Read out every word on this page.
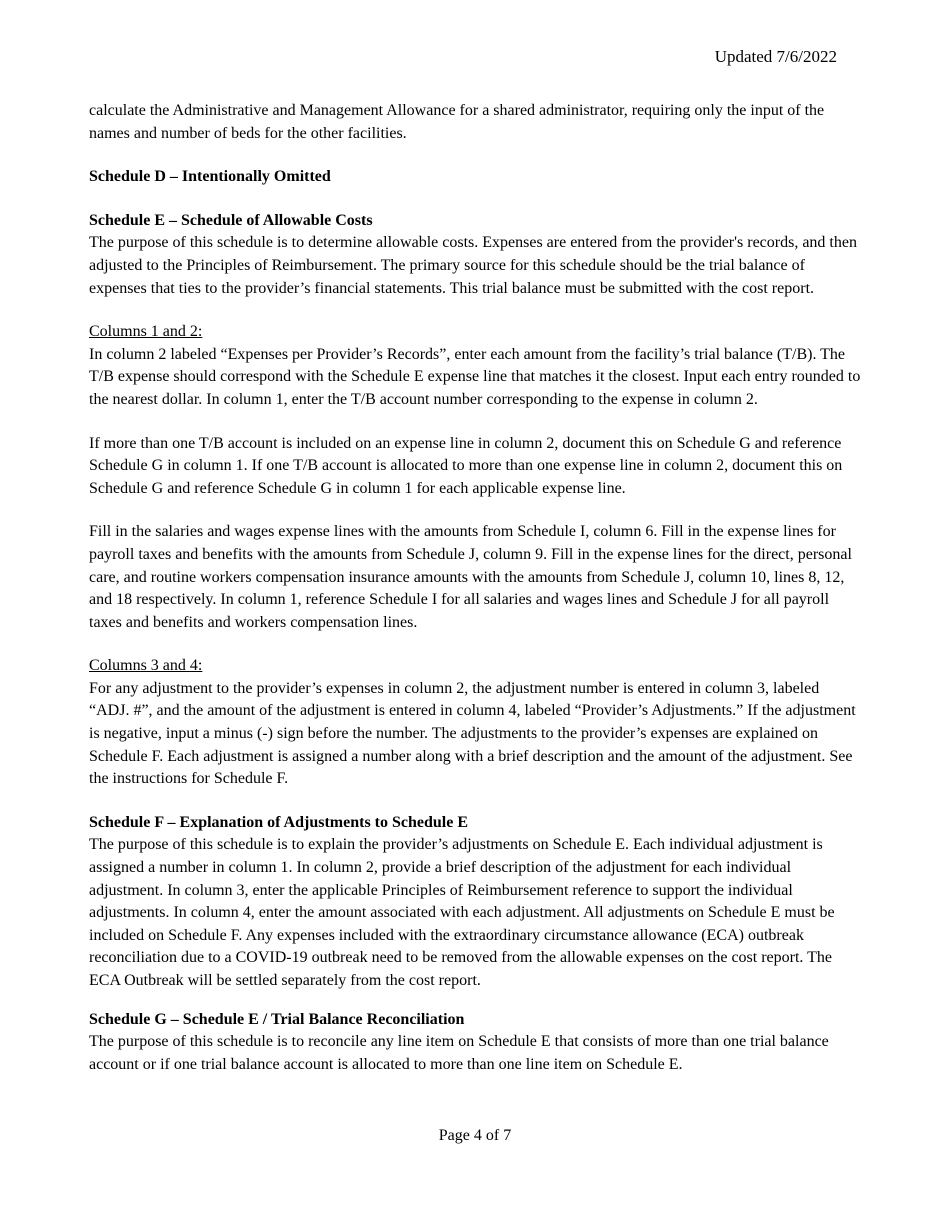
Updated 7/6/2022

calculate the Administrative and Management Allowance for a shared administrator, requiring only the input of the names and number of beds for the other facilities.

Schedule D – Intentionally Omitted

Schedule E – Schedule of Allowable Costs

The purpose of this schedule is to determine allowable costs. Expenses are entered from the provider's records, and then adjusted to the Principles of Reimbursement. The primary source for this schedule should be the trial balance of expenses that ties to the provider’s financial statements. This trial balance must be submitted with the cost report.

Columns 1 and 2:

In column 2 labeled “Expenses per Provider’s Records”, enter each amount from the facility’s trial balance (T/B). The T/B expense should correspond with the Schedule E expense line that matches it the closest. Input each entry rounded to the nearest dollar. In column 1, enter the T/B account number corresponding to the expense in column 2.

If more than one T/B account is included on an expense line in column 2, document this on Schedule G and reference Schedule G in column 1. If one T/B account is allocated to more than one expense line in column 2, document this on Schedule G and reference Schedule G in column 1 for each applicable expense line.

Fill in the salaries and wages expense lines with the amounts from Schedule I, column 6. Fill in the expense lines for payroll taxes and benefits with the amounts from Schedule J, column 9. Fill in the expense lines for the direct, personal care, and routine workers compensation insurance amounts with the amounts from Schedule J, column 10, lines 8, 12, and 18 respectively. In column 1, reference Schedule I for all salaries and wages lines and Schedule J for all payroll taxes and benefits and workers compensation lines.

Columns 3 and 4:

For any adjustment to the provider’s expenses in column 2, the adjustment number is entered in column 3, labeled “ADJ. #”, and the amount of the adjustment is entered in column 4, labeled “Provider’s Adjustments.” If the adjustment is negative, input a minus (-) sign before the number. The adjustments to the provider’s expenses are explained on Schedule F. Each adjustment is assigned a number along with a brief description and the amount of the adjustment. See the instructions for Schedule F.

Schedule F – Explanation of Adjustments to Schedule E

The purpose of this schedule is to explain the provider’s adjustments on Schedule E. Each individual adjustment is assigned a number in column 1. In column 2, provide a brief description of the adjustment for each individual adjustment. In column 3, enter the applicable Principles of Reimbursement reference to support the individual adjustments. In column 4, enter the amount associated with each adjustment. All adjustments on Schedule E must be included on Schedule F. Any expenses included with the extraordinary circumstance allowance (ECA) outbreak reconciliation due to a COVID-19 outbreak need to be removed from the allowable expenses on the cost report. The ECA Outbreak will be settled separately from the cost report.

Schedule G – Schedule E / Trial Balance Reconciliation

The purpose of this schedule is to reconcile any line item on Schedule E that consists of more than one trial balance account or if one trial balance account is allocated to more than one line item on Schedule E.

Page 4 of 7
